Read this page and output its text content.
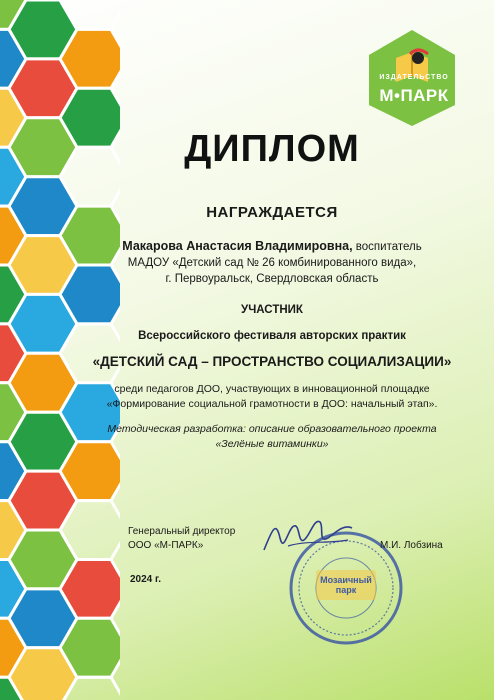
ИЗДАТЕЛЬСТВО
М•ПАРК
ДИПЛОМ
НАГРАЖДАЕТСЯ
Макарова Анастасия Владимировна, воспитатель
МАДОУ «Детский сад № 26 комбинированного вида»,
г. Первоуральск, Свердловская область
УЧАСТНИК
Всероссийского фестиваля авторских практик
«ДЕТСКИЙ САД – ПРОСТРАНСТВО СОЦИАЛИЗАЦИИ»
среди педагогов ДОО, участвующих в инновационной площадке
«Формирование социальной грамотности в ДОО: начальный этап».
Методическая разработка: описание образовательного проекта
«Зелёные витаминки»
Генеральный директор
ООО «М-ПАРК»
2024 г.	Мозаичный
парк
М.И. Лобзина
